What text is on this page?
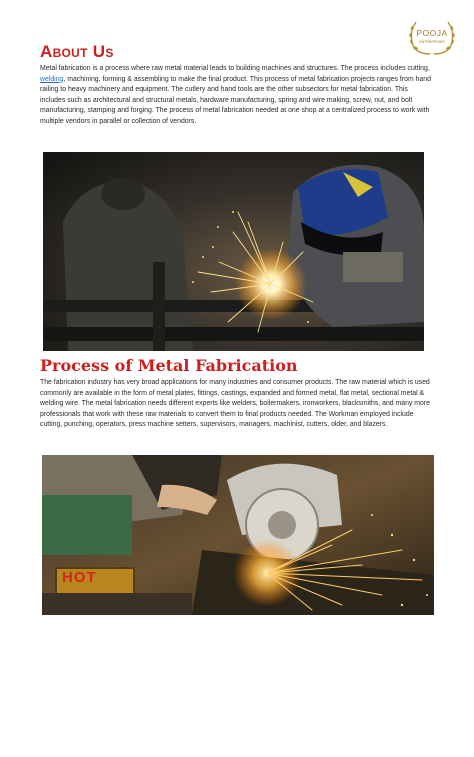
POOJA
ENTERPRISES
About Us

Metal fabrication is a process where raw metal material leads to building machines and structures. The process includes cutting, welding, machining, forming & assembling to make the final product. This process of metal fabrication projects ranges from hand railing to heavy machinery and equipment. The cutlery and hand tools are the other subsectors for metal fabrication. This includes such as architectural and structural metals, hardware manufacturing, spring and wire making, screw, nut, and bolt manufacturing, stamping and forging. The process of metal fabrication needed at one shop at a centralized process to work with multiple vendors in parallel or collection of vendors.

Process of Metal Fabrication

The fabrication industry has very broad applications for many industries and consumer products. The raw material which is used commonly are available in the form of metal plates, fittings, castings, expanded and formed metal, flat metal, sectional metal & welding wire. The metal fabrication needs different experts like welders, boilermakers, ironworkers, blacksmiths, and many more professionals that work with these raw materials to convert them to final products needed. The Workman employed include cutting, punching, operators, press machine setters, supervisors, managers, machinist, cutters, older, and blazers.

HOT
